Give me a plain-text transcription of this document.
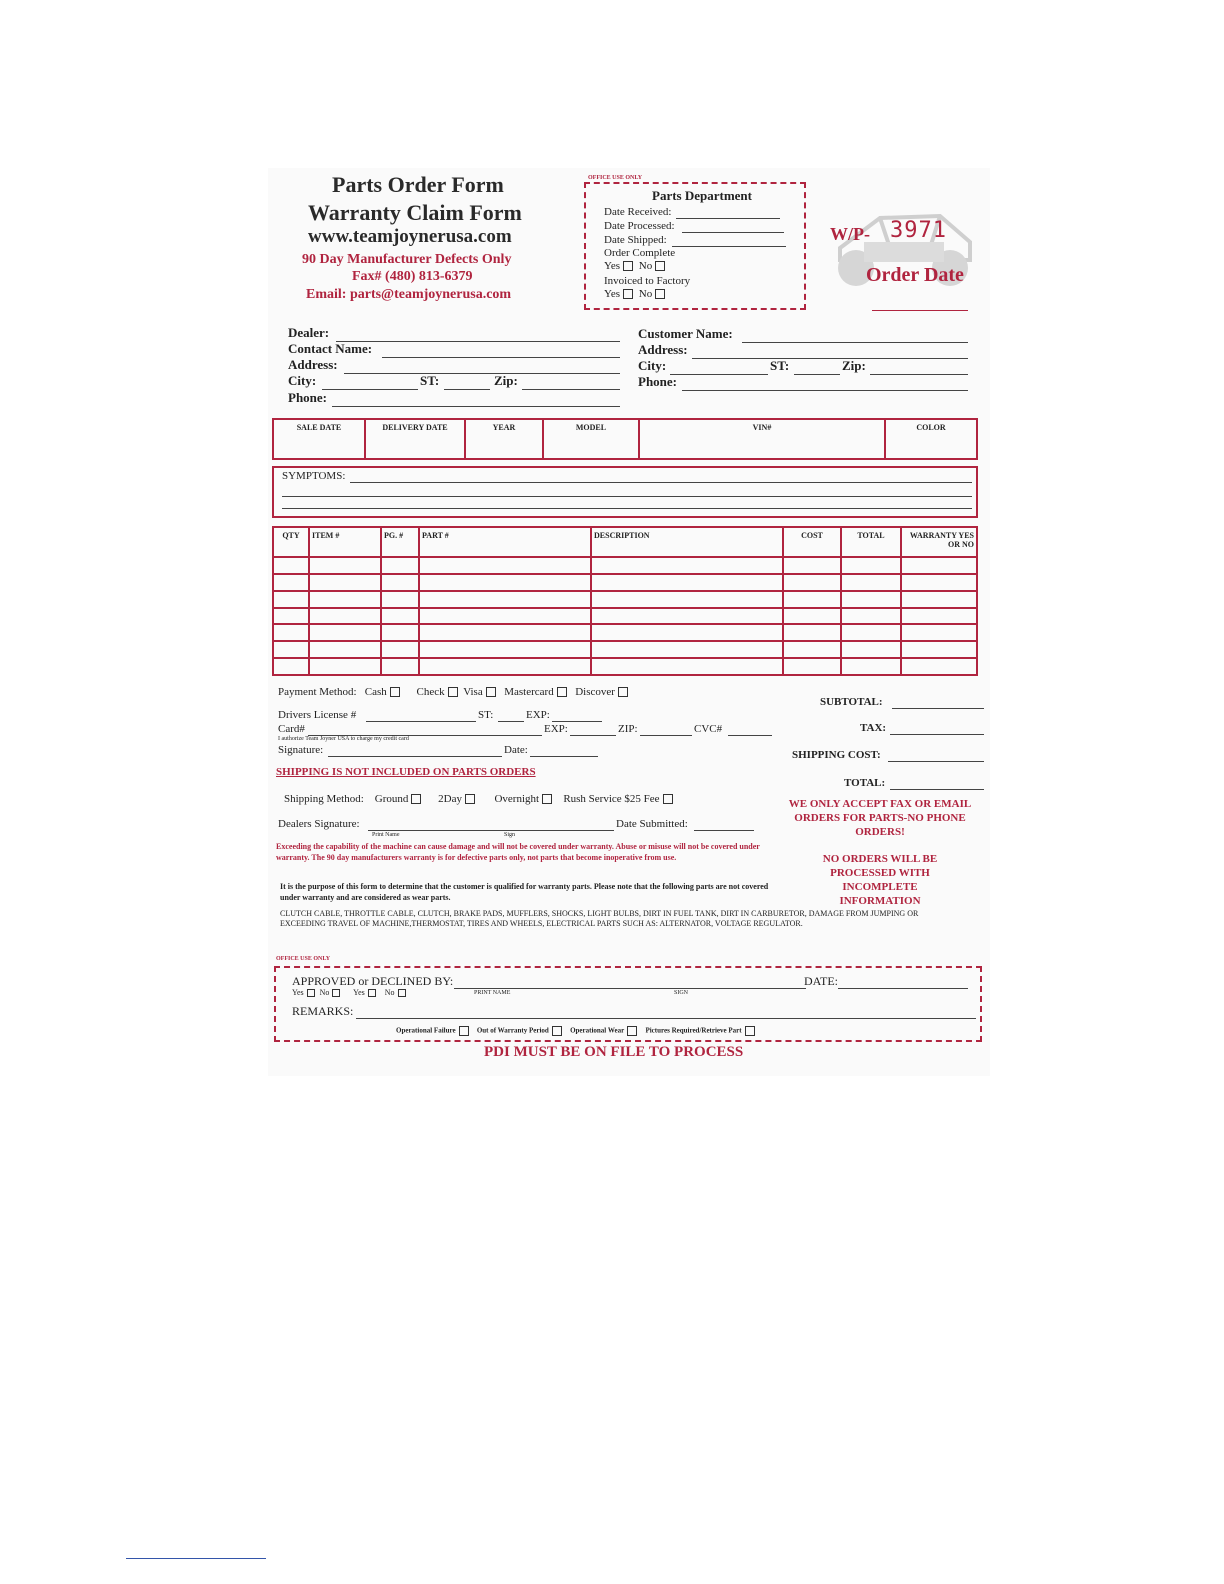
Parts Order Form
Warranty Claim Form
www.teamjoynerusa.com
90 Day Manufacturer Defects Only
Fax# (480) 813-6379
Email: parts@teamjoynerusa.com
OFFICE USE ONLY
Parts Department
Date Received:
Date Processed:
Date Shipped:
Order Complete
Yes No
Invoiced to Factory
Yes No
W/P- 3971
Order Date
Dealer:
Contact Name:
Address:
City:	ST:	Zip:
Phone:
Customer Name:
Address:
City:	ST:	Zip:
Phone:
SALE DATE	DELIVERY DATE	YEAR	MODEL	VIN#	COLOR
SYMPTOMS:
QTY	ITEM #	PG. #	PART #	DESCRIPTION	COST	TOTAL	WARRANTY YES OR NO

Payment Method: Cash	Check Visa Mastercard Discover
Drivers License #	ST:	EXP:
Card#	EXP:	ZIP:	CVC#
I authorize Team Joyner USA to charge my credit card
Signature:	Date:
SUBTOTAL:
TAX:
SHIPPING COST:
TOTAL:
SHIPPING IS NOT INCLUDED ON PARTS ORDERS
Shipping Method: Ground	2Day	Overnight Rush Service $25 Fee
Dealers Signature:
Print Name	Sign
Date Submitted:
WE ONLY ACCEPT FAX OR EMAIL ORDERS FOR PARTS-NO PHONE ORDERS!
NO ORDERS WILL BE PROCESSED WITH INCOMPLETE INFORMATION
Exceeding the capability of the machine can cause damage and will not be covered under warranty. Abuse or misuse will not be covered under warranty. The 90 day manufacturers warranty is for defective parts only, not parts that become inoperative from use.
It is the purpose of this form to determine that the customer is qualified for warranty parts. Please note that the following parts are not covered under warranty and are considered as wear parts.
CLUTCH CABLE, THROTTLE CABLE, CLUTCH, BRAKE PADS, MUFFLERS, SHOCKS, LIGHT BULBS, DIRT IN FUEL TANK, DIRT IN CARBURETOR, DAMAGE FROM JUMPING OR EXCEEDING TRAVEL OF MACHINE,THERMOSTAT, TIRES AND WHEELS, ELECTRICAL PARTS SUCH AS: ALTERNATOR, VOLTAGE REGULATOR.
OFFICE USE ONLY
APPROVED or DECLINED BY:	DATE:
Yes No	Yes	No	PRINT NAME	SIGN
REMARKS:
Operational Failure	Out of Warranty Period	Operational Wear	Pictures Required/Retrieve Part
PDI MUST BE ON FILE TO PROCESS
